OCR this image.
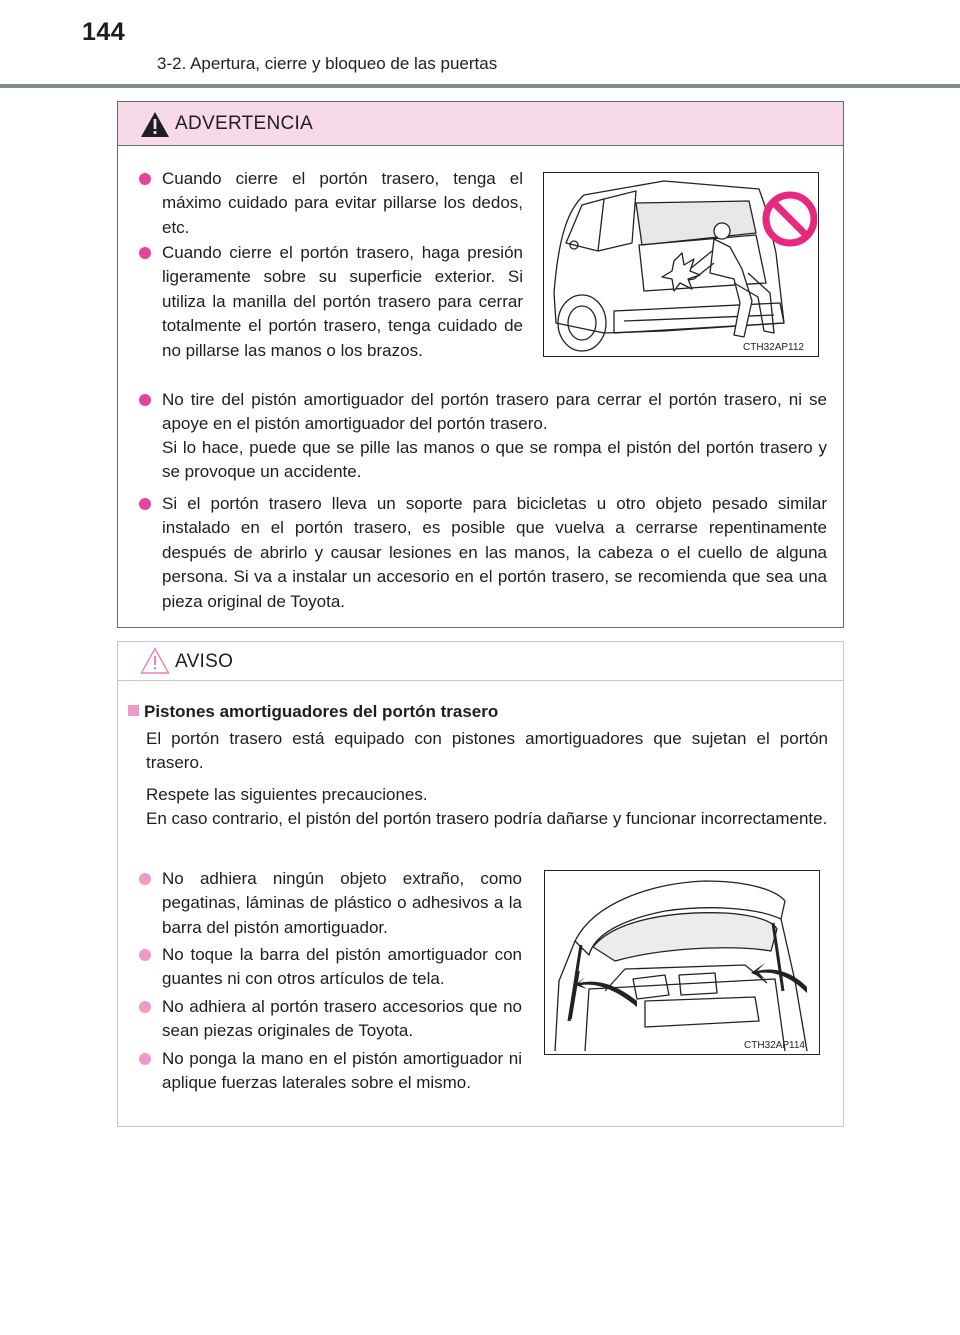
144
3-2. Apertura, cierre y bloqueo de las puertas
ADVERTENCIA
Cuando cierre el portón trasero, tenga el máximo cuidado para evitar pillarse los dedos, etc.
Cuando cierre el portón trasero, haga presión ligeramente sobre su superficie exterior. Si utiliza la manilla del portón trasero para cerrar totalmente el portón trasero, tenga cuidado de no pillarse las manos o los brazos.
No tire del pistón amortiguador del portón trasero para cerrar el portón trasero, ni se apoye en el pistón amortiguador del portón trasero.
Si lo hace, puede que se pille las manos o que se rompa el pistón del portón trasero y se provoque un accidente.
Si el portón trasero lleva un soporte para bicicletas u otro objeto pesado similar instalado en el portón trasero, es posible que vuelva a cerrarse repentinamente después de abrirlo y causar lesiones en las manos, la cabeza o el cuello de alguna persona. Si va a instalar un accesorio en el portón trasero, se recomienda que sea una pieza original de Toyota.
CTH32AP112
AVISO
Pistones amortiguadores del portón trasero
El portón trasero está equipado con pistones amortiguadores que sujetan el portón trasero.
Respete las siguientes precauciones.
En caso contrario, el pistón del portón trasero podría dañarse y funcionar incorrectamente.
No adhiera ningún objeto extraño, como pegatinas, láminas de plástico o adhesivos a la barra del pistón amortiguador.
No toque la barra del pistón amortiguador con guantes ni con otros artículos de tela.
No adhiera al portón trasero accesorios que no sean piezas originales de Toyota.
No ponga la mano en el pistón amortiguador ni aplique fuerzas laterales sobre el mismo.
CTH32AP114
